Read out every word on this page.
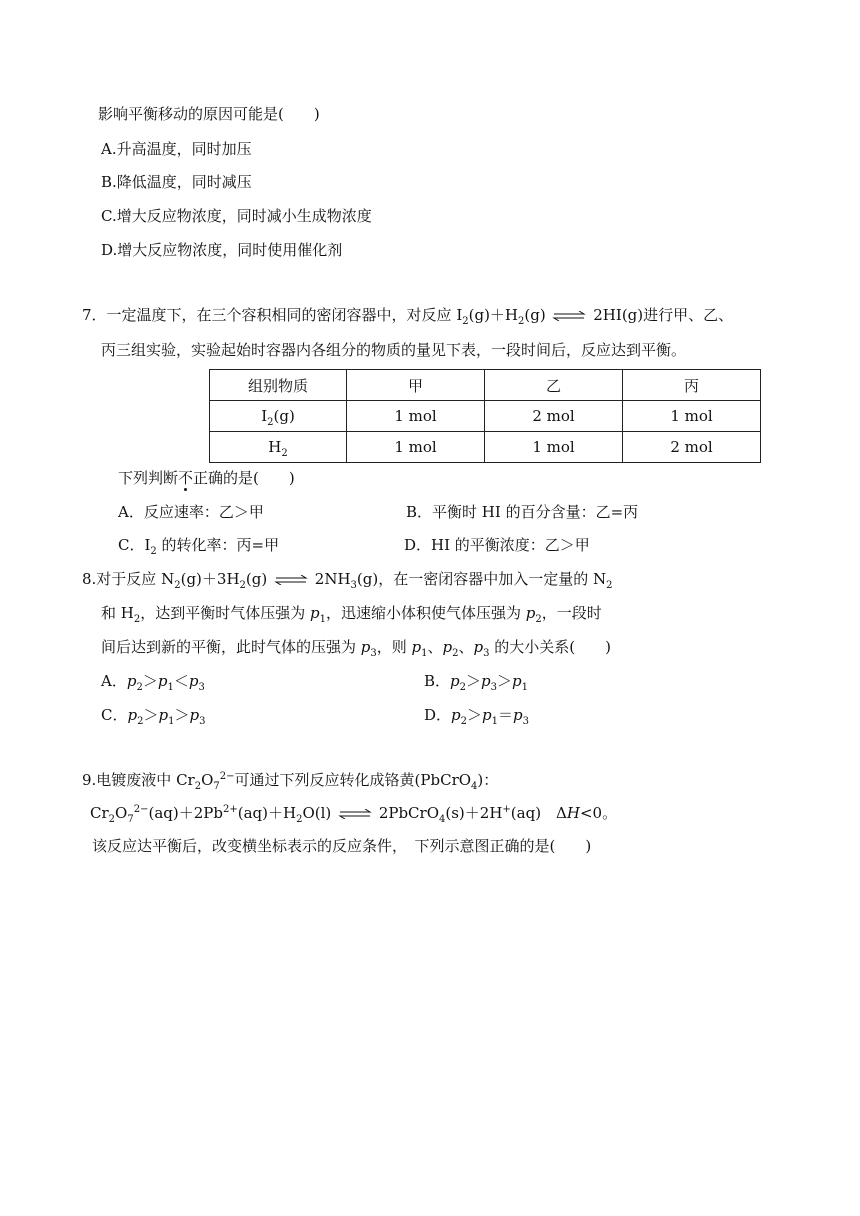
影响平衡移动的原因可能是(　　)
A.升高温度，同时加压
B.降低温度，同时减压
C.增大反应物浓度，同时减小生成物浓度
D.增大反应物浓度，同时使用催化剂
7．一定温度下，在三个容积相同的密闭容器中，对反应 $I_2(g)+H_2(g)$ ⇌ 2HI(g)进行甲、乙、
丙三组实验，实验起始时容器内各组分的物质的量见下表，一段时间后，反应达到平衡。
组别物质	甲	乙	丙
$I_2(g)$	1 mol	2 mol	1 mol
$H_2$	1 mol	1 mol	2 mol
下列判断不正确的是(　　)
A．反应速率：乙＞甲	B．平衡时 HI 的百分含量：乙=丙
C．$I_2$ 的转化率：丙=甲	D．HI 的平衡浓度：乙＞甲
8.对于反应 $N_2(g)+3H_2(g)$ ⇌ $2NH_3(g)$，在一密闭容器中加入一定量的 $N_2$
和 $H_2$，达到平衡时气体压强为 $p_1$，迅速缩小体积使气体压强为 $p_2$，一段时
间后达到新的平衡，此时气体的压强为 $p_3$，则 $p_1$、$p_2$、$p_3$ 的大小关系(　　)
A．$p_2>p_1<p_3$	B．$p_2>p_3>p_1$
C．$p_2>p_1>p_3$	D．$p_2>p_1=p_3$
9.电镀废液中 $Cr_2O_7^{2-}$可通过下列反应转化成铬黄(PbCrO$_4$)：
$Cr_2O_7^{2-}(aq)+2Pb^{2+}(aq)+H_2O(l)$ ⇌ 2PbCrO$_4$(s)＋2H+(aq)　ΔH<0。
该反应达平衡后，改变横坐标表示的反应条件，　下列示意图正确的是(　　)
